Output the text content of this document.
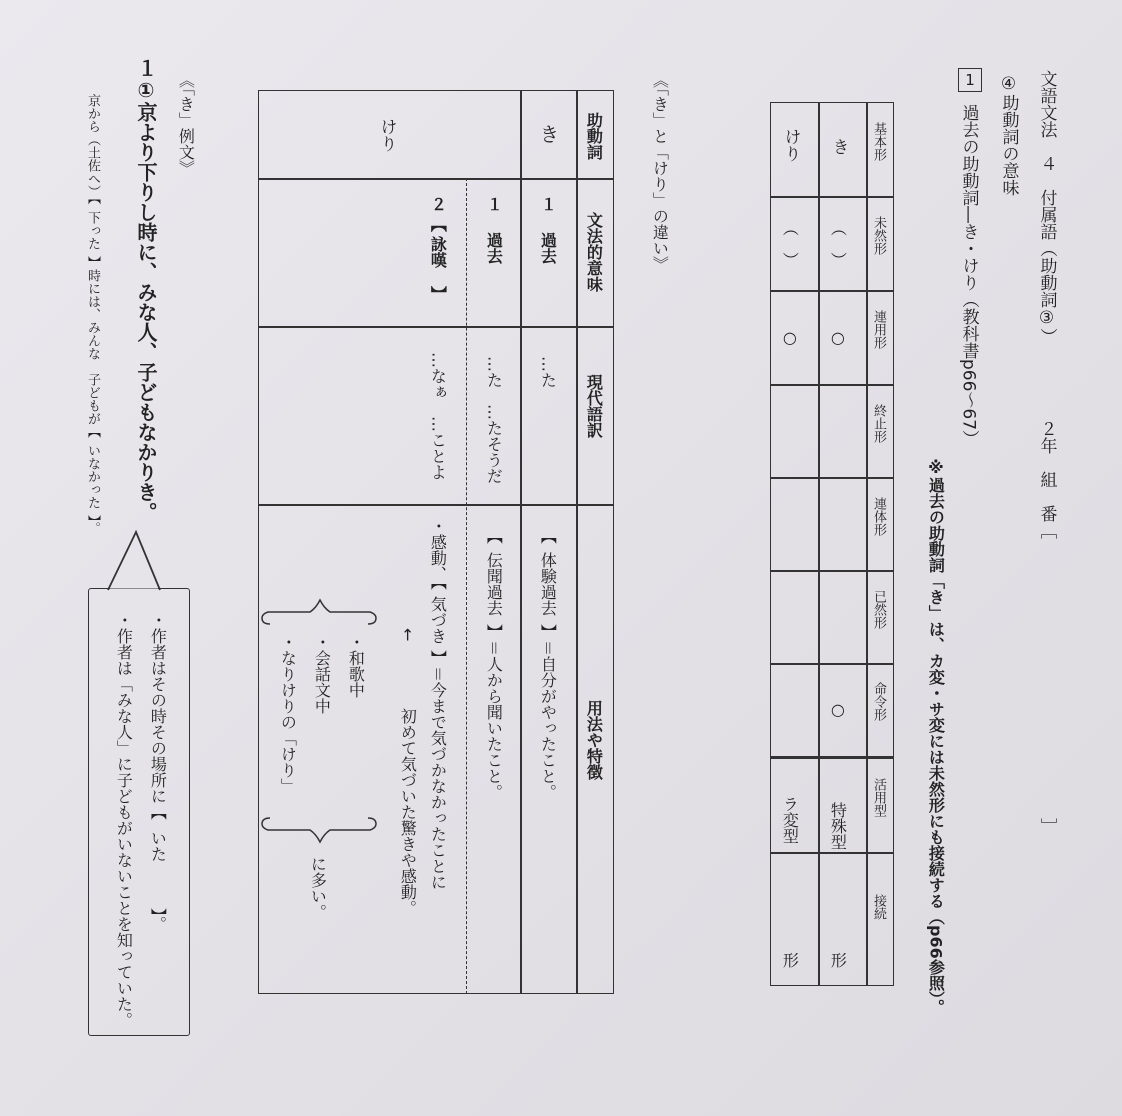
文語文法　４　付属語（助動詞③）
２年　組　番［
］
④助動詞の意味
1
過去の助動詞―き・けり（教科書p66〜67）
※過去の助動詞「き」は、カ変・サ変には未然形にも接続する（p66参照）。
基本形
未然形
連用形
終止形
連体形
已然形
命令形
活用型
接続
き
（　）
○
○
特殊型
形
けり
（　）
○
ラ変型
形
《「き」と「けり」の違い》
助動詞
文法的意味
現代語訳
用法や特徴
き
１
過去
…た
【体験過去】＝自分がやったこと。
けり
１
過去
…た　…たそうだ
【伝聞過去】＝人から聞いたこと。
２
【詠嘆】
…なぁ　…ことよ
・感動、【気づき】＝今まで気づかなかったことに
初めて気づいた驚きや感動。
←
・和歌中
・会話文中
・なりけりの「けり」
に多い。
《「き」例文》
１①京より下りし時に、みな人、子どもなかりき。
京から（土佐へ）【下った】時には、みんな　子どもが【いなかった】。
・作者はその時その場所に【いた】。
・作者は「みな人」に子どもがいないことを知っていた。
